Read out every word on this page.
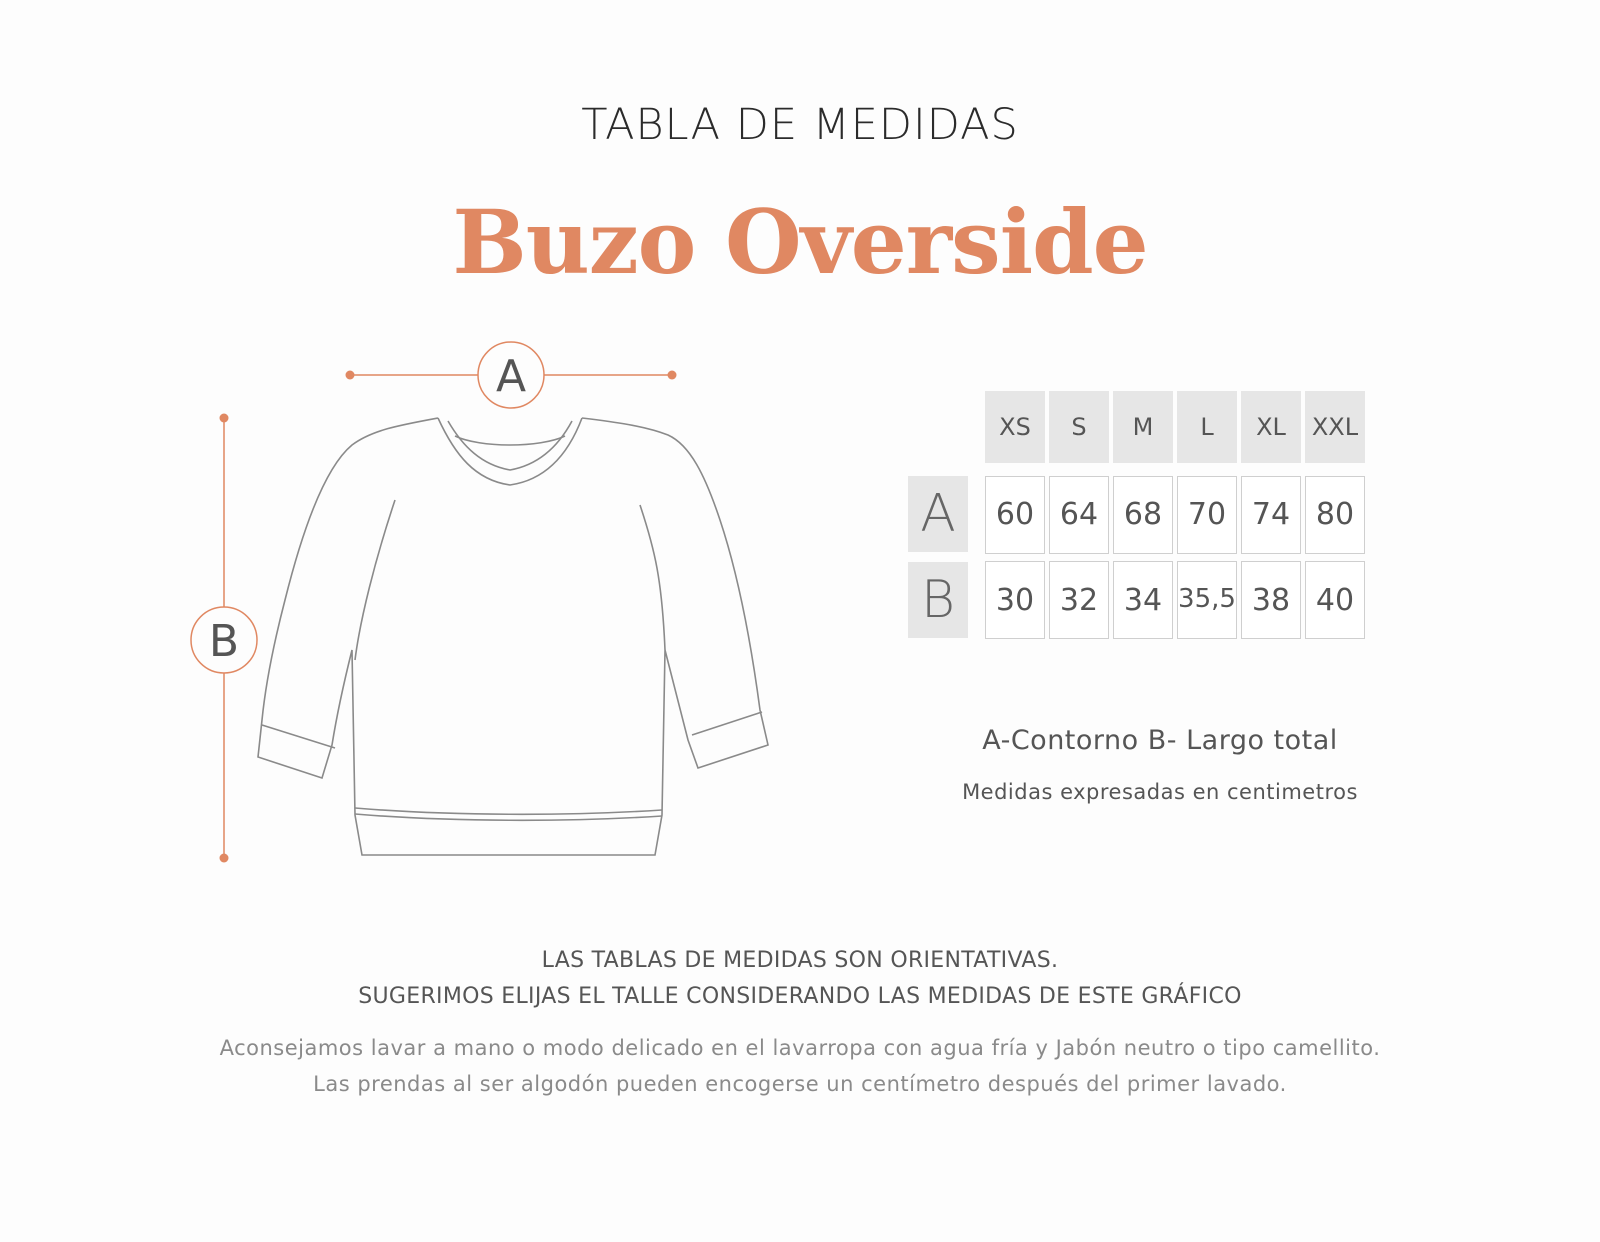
TABLA DE MEDIDAS
Buzo Overside
A
B
XS	S	M	L	XL	XXL
A	60 64 68 70 74 80
B	30 32 34 35,5 38 40
A-Contorno B- Largo total
Medidas expresadas en centimetros
LAS TABLAS DE MEDIDAS SON ORIENTATIVAS.
SUGERIMOS ELIJAS EL TALLE CONSIDERANDO LAS MEDIDAS DE ESTE GRÁFICO
Aconsejamos lavar a mano o modo delicado en el lavarropa con agua fría y Jabón neutro o tipo camellito.
Las prendas al ser algodón pueden encogerse un centímetro después del primer lavado.
